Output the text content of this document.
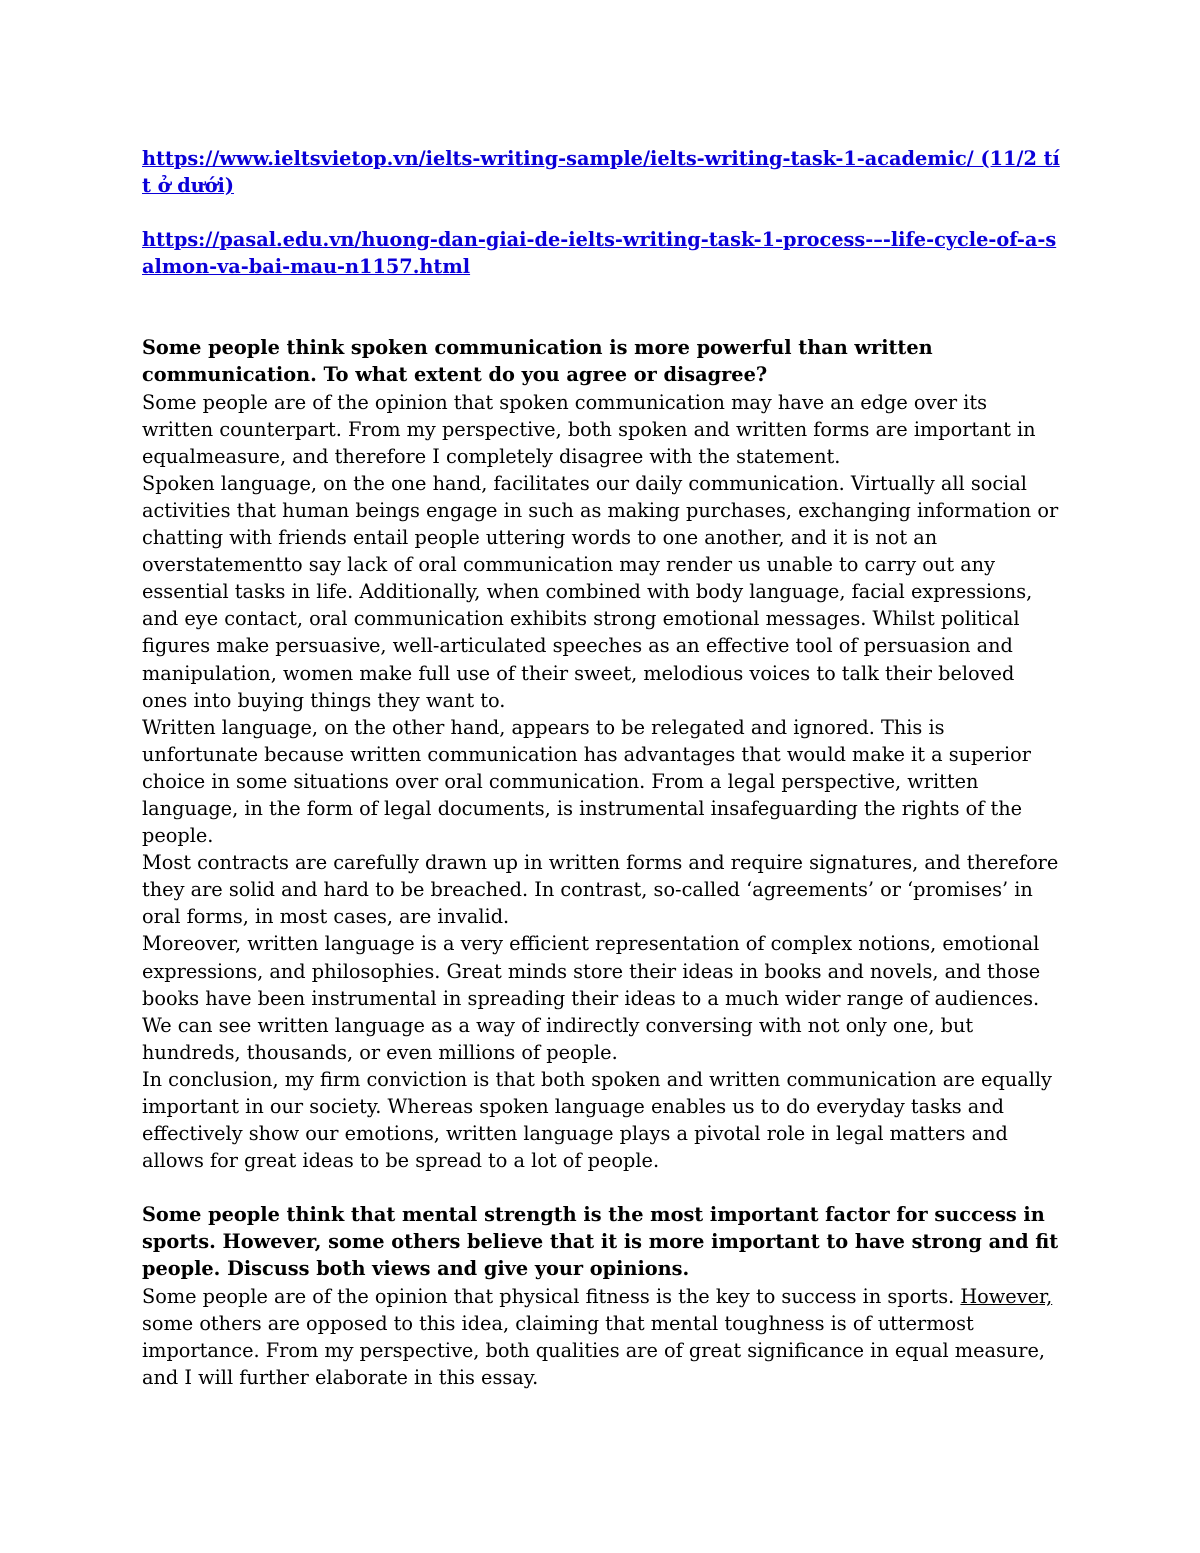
https://www.ieltsvietop.vn/ielts-writing-sample/ielts-writing-task-1-academic/ (11/2 tít ở dưới)
https://pasal.edu.vn/huong-dan-giai-de-ielts-writing-task-1-process-–-life-cycle-of-a-salmon-va-bai-mau-n1157.html

Some people think spoken communication is more powerful than written communication. To what extent do you agree or disagree?

Some people are of the opinion that spoken communication may have an edge over its written counterpart. From my perspective, both spoken and written forms are important in equalmeasure, and therefore I completely disagree with the statement.

Spoken language, on the one hand, facilitates our daily communication. Virtually all social activities that human beings engage in such as making purchases, exchanging information or chatting with friends entail people uttering words to one another, and it is not an overstatementto say lack of oral communication may render us unable to carry out any essential tasks in life. Additionally, when combined with body language, facial expressions, and eye contact, oral communication exhibits strong emotional messages. Whilst political figures make persuasive, well-articulated speeches as an effective tool of persuasion and manipulation, women make full use of their sweet, melodious voices to talk their beloved ones into buying things they want to.

Written language, on the other hand, appears to be relegated and ignored. This is unfortunate because written communication has advantages that would make it a superior choice in some situations over oral communication. From a legal perspective, written language, in the form of legal documents, is instrumental insafeguarding the rights of the people.

Most contracts are carefully drawn up in written forms and require signatures, and therefore they are solid and hard to be breached. In contrast, so-called ‘agreements’ or ‘promises’ in oral forms, in most cases, are invalid.

Moreover, written language is a very efficient representation of complex notions, emotional expressions, and philosophies. Great minds store their ideas in books and novels, and those books have been instrumental in spreading their ideas to a much wider range of audiences. We can see written language as a way of indirectly conversing with not only one, but hundreds, thousands, or even millions of people.

In conclusion, my firm conviction is that both spoken and written communication are equally important in our society. Whereas spoken language enables us to do everyday tasks and effectively show our emotions, written language plays a pivotal role in legal matters and allows for great ideas to be spread to a lot of people.

Some people think that mental strength is the most important factor for success in sports. However, some others believe that it is more important to have strong and fit people. Discuss both views and give your opinions.

Some people are of the opinion that physical fitness is the key to success in sports. However, some others are opposed to this idea, claiming that mental toughness is of uttermost importance. From my perspective, both qualities are of great significance in equal measure, and I will further elaborate in this essay.
